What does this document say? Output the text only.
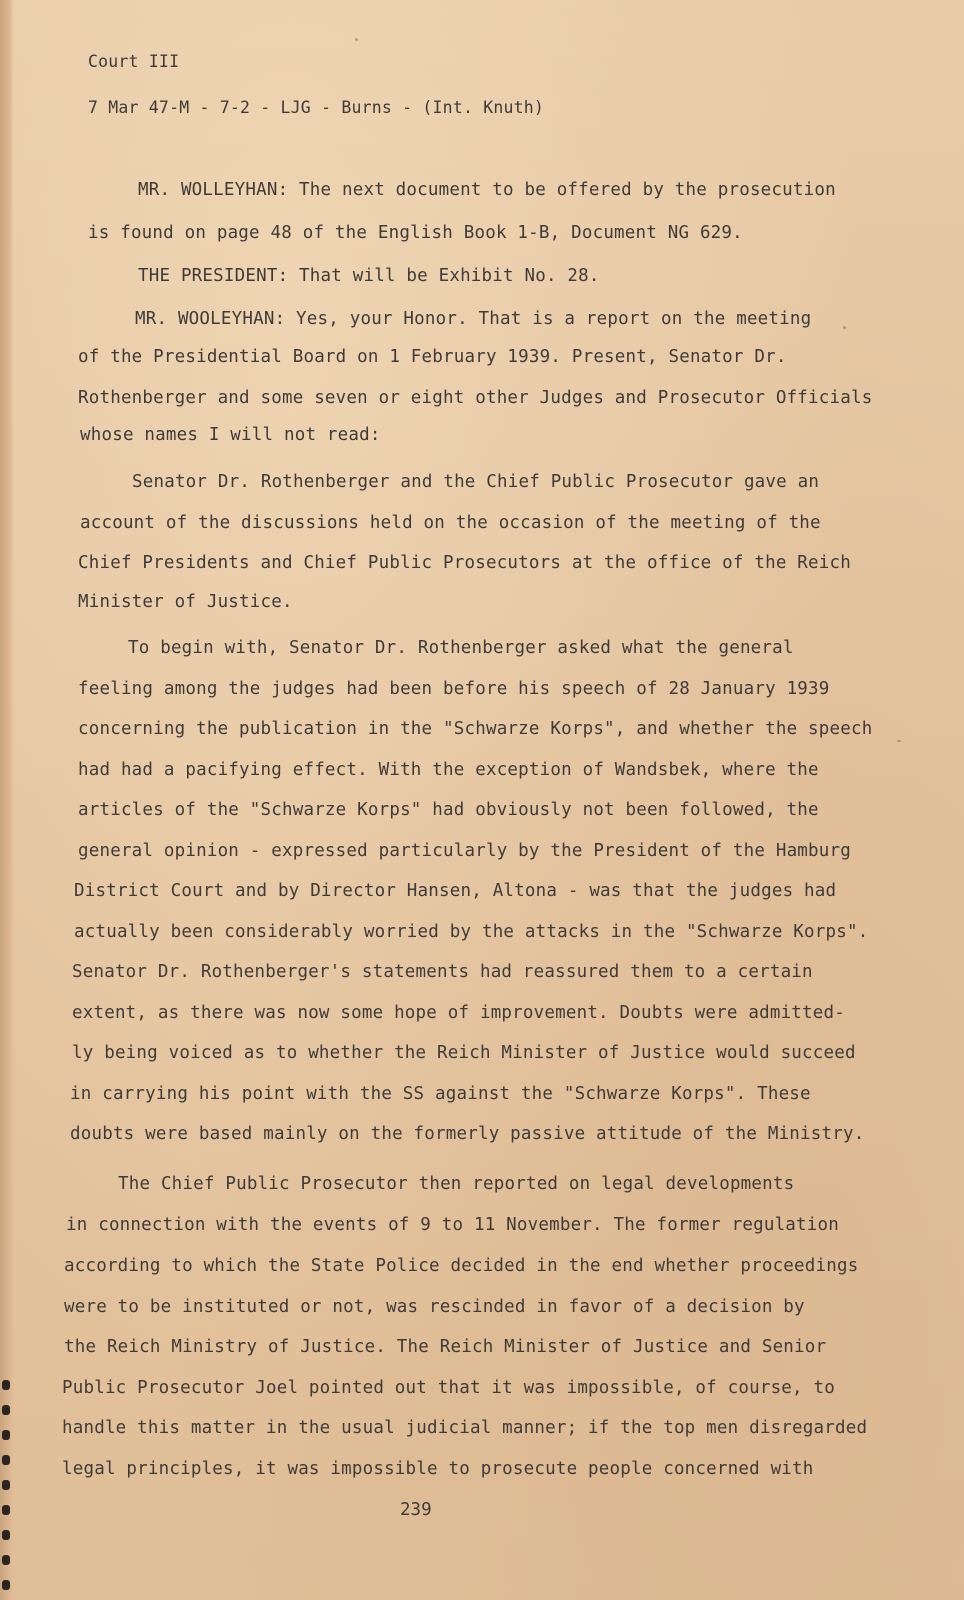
Court III
7 Mar 47-M - 7-2 - LJG - Burns - (Int. Knuth)
MR. WOLLEYHAN: The next document to be offered by the prosecution
is found on page 48 of the English Book 1-B, Document NG 629.
THE PRESIDENT: That will be Exhibit No. 28.
MR. WOOLEYHAN: Yes, your Honor. That is a report on the meeting
of the Presidential Board on 1 February 1939. Present, Senator Dr.
Rothenberger and some seven or eight other Judges and Prosecutor Officials
whose names I will not read:
Senator Dr. Rothenberger and the Chief Public Prosecutor gave an
account of the discussions held on the occasion of the meeting of the
Chief Presidents and Chief Public Prosecutors at the office of the Reich
Minister of Justice.
To begin with, Senator Dr. Rothenberger asked what the general
feeling among the judges had been before his speech of 28 January 1939
concerning the publication in the "Schwarze Korps", and whether the speech
had had a pacifying effect. With the exception of Wandsbek, where the
articles of the "Schwarze Korps" had obviously not been followed, the
general opinion - expressed particularly by the President of the Hamburg
District Court and by Director Hansen, Altona - was that the judges had
actually been considerably worried by the attacks in the "Schwarze Korps".
Senator Dr. Rothenberger's statements had reassured them to a certain
extent, as there was now some hope of improvement. Doubts were admitted-
ly being voiced as to whether the Reich Minister of Justice would succeed
in carrying his point with the SS against the "Schwarze Korps". These
doubts were based mainly on the formerly passive attitude of the Ministry.
The Chief Public Prosecutor then reported on legal developments
in connection with the events of 9 to 11 November. The former regulation
according to which the State Police decided in the end whether proceedings
were to be instituted or not, was rescinded in favor of a decision by
the Reich Ministry of Justice. The Reich Minister of Justice and Senior
Public Prosecutor Joel pointed out that it was impossible, of course, to
handle this matter in the usual judicial manner; if the top men disregarded
legal principles, it was impossible to prosecute people concerned with
239
